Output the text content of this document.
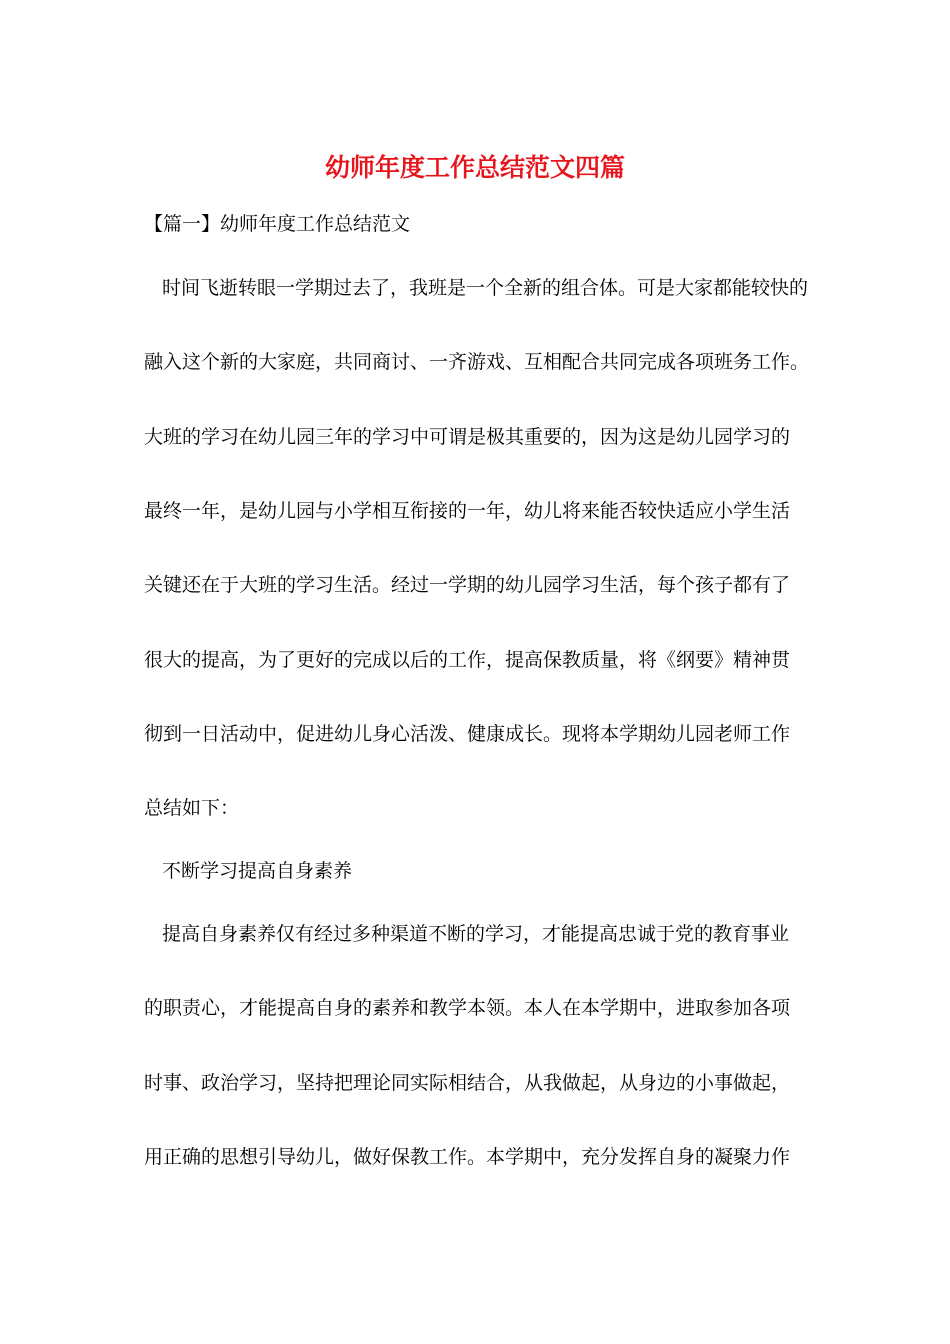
幼师年度工作总结范文四篇

【篇一】幼师年度工作总结范文

时间飞逝转眼一学期过去了，我班是一个全新的组合体。可是大家都能较快的

融入这个新的大家庭，共同商讨、一齐游戏、互相配合共同完成各项班务工作。

大班的学习在幼儿园三年的学习中可谓是极其重要的，因为这是幼儿园学习的

最终一年，是幼儿园与小学相互衔接的一年，幼儿将来能否较快适应小学生活

关键还在于大班的学习生活。经过一学期的幼儿园学习生活，每个孩子都有了

很大的提高，为了更好的完成以后的工作，提高保教质量，将《纲要》精神贯

彻到一日活动中，促进幼儿身心活泼、健康成长。现将本学期幼儿园老师工作

总结如下：

不断学习提高自身素养

提高自身素养仅有经过多种渠道不断的学习，才能提高忠诚于党的教育事业

的职责心，才能提高自身的素养和教学本领。本人在本学期中，进取参加各项

时事、政治学习，坚持把理论同实际相结合，从我做起，从身边的小事做起，

用正确的思想引导幼儿，做好保教工作。本学期中，充分发挥自身的凝聚力作
